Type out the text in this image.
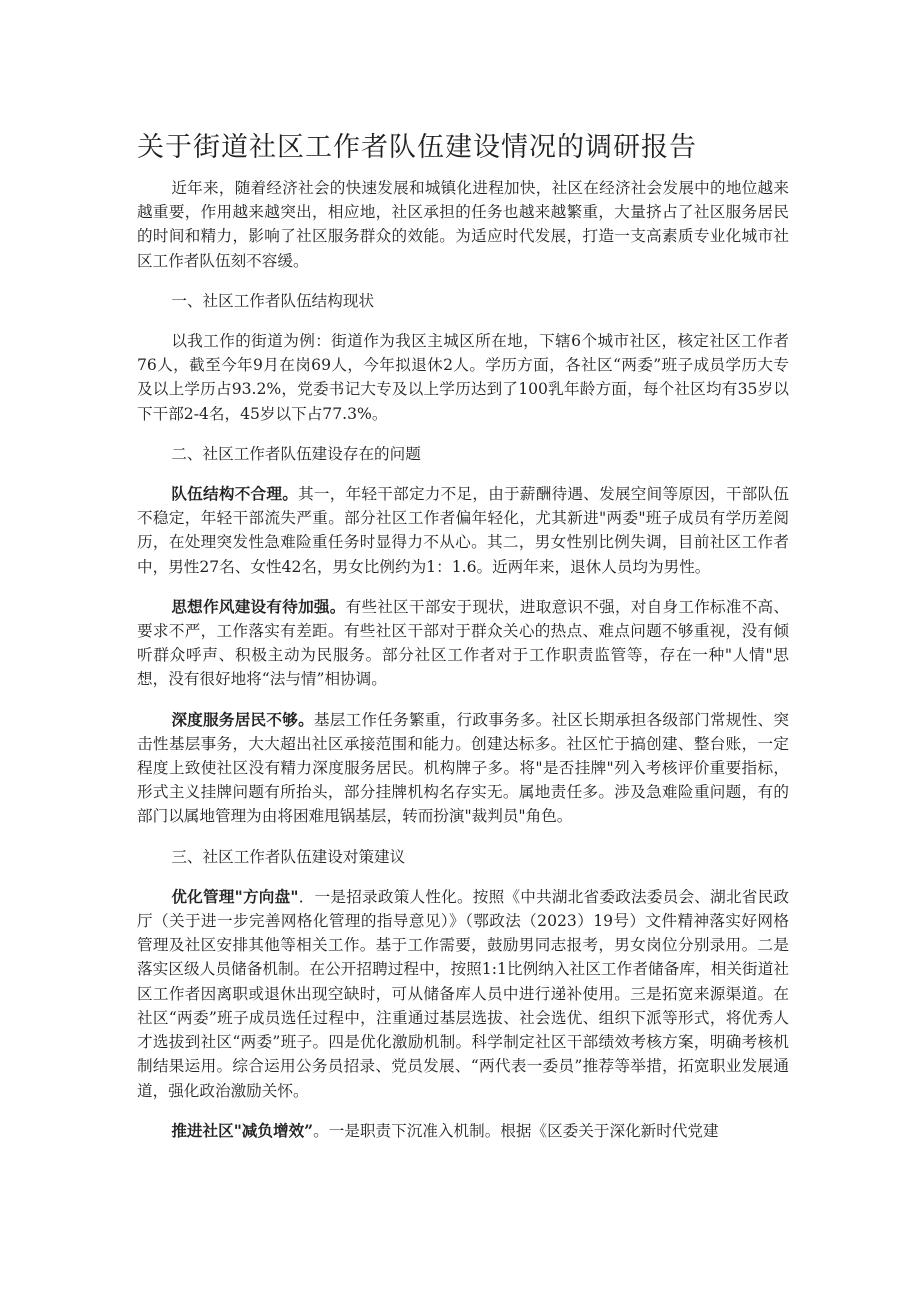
关于街道社区工作者队伍建设情况的调研报告

近年来，随着经济社会的快速发展和城镇化进程加快，社区在经济社会发展中的地位越来越重要，作用越来越突出，相应地，社区承担的任务也越来越繁重，大量挤占了社区服务居民的时间和精力，影响了社区服务群众的效能。为适应时代发展，打造一支高素质专业化城市社区工作者队伍刻不容缓。

一、社区工作者队伍结构现状

以我工作的街道为例：街道作为我区主城区所在地，下辖6个城市社区，核定社区工作者76人，截至今年9月在岗69人，今年拟退休2人。学历方面，各社区“两委”班子成员学历大专及以上学历占93.2%，党委书记大专及以上学历达到了100乳年龄方面，每个社区均有35岁以下干部2-4名，45岁以下占77.3%。

二、社区工作者队伍建设存在的问题

队伍结构不合理。其一，年轻干部定力不足，由于薪酬待遇、发展空间等原因，干部队伍不稳定，年轻干部流失严重。部分社区工作者偏年轻化，尤其新进"两委"班子成员有学历差阅历，在处理突发性急难险重任务时显得力不从心。其二，男女性别比例失调，目前社区工作者中，男性27名、女性42名，男女比例约为1：1.6。近两年来，退休人员均为男性。

思想作风建设有待加强。有些社区干部安于现状，进取意识不强，对自身工作标准不高、要求不严，工作落实有差距。有些社区干部对于群众关心的热点、难点问题不够重视，没有倾听群众呼声、积极主动为民服务。部分社区工作者对于工作职责监管等，存在一种"人情"思想，没有很好地将“法与情”相协调。

深度服务居民不够。基层工作任务繁重，行政事务多。社区长期承担各级部门常规性、突击性基层事务，大大超出社区承接范围和能力。创建达标多。社区忙于搞创建、整台账，一定程度上致使社区没有精力深度服务居民。机构牌子多。将"是否挂牌"列入考核评价重要指标，形式主义挂牌问题有所抬头，部分挂牌机构名存实无。属地责任多。涉及急难险重问题，有的部门以属地管理为由将困难甩锅基层，转而扮演"裁判员"角色。

三、社区工作者队伍建设对策建议

优化管理"方向盘"．一是招录政策人性化。按照《中共湖北省委政法委员会、湖北省民政厅（关于进一步完善网格化管理的指导意见）》（鄂政法（2023）19号）文件精神落实好网格管理及社区安排其他等相关工作。基于工作需要，鼓励男同志报考，男女岗位分别录用。二是落实区级人员储备机制。在公开招聘过程中，按照1:1比例纳入社区工作者储备库，相关街道社区工作者因离职或退休出现空缺时，可从储备库人员中进行递补使用。三是拓宽来源渠道。在社区“两委”班子成员选任过程中，注重通过基层选拔、社会选优、组织下派等形式，将优秀人才选拔到社区“两委”班子。四是优化激励机制。科学制定社区干部绩效考核方案，明确考核机制结果运用。综合运用公务员招录、党员发展、“两代表一委员”推荐等举措，拓宽职业发展通道，强化政治激励关怀。

推进社区"减负增效”。一是职责下沉准入机制。根据《区委关于深化新时代党建
